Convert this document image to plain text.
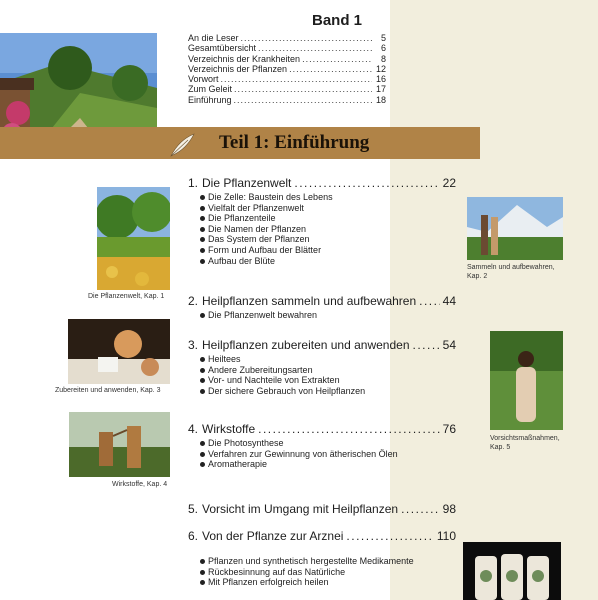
Band 1
An die Leser .....	5
Gesamtübersicht .....	6
Verzeichnis der Krankheiten .....	8
Verzeichnis der Pflanzen .....	12
Vorwort .....	16
Zum Geleit .....	17
Einführung .....	18
Teil 1: Einführung
Die Pflanzenwelt, Kap. 1
Zubereiten und anwenden, Kap. 3
Wirkstoffe, Kap. 4
Sammeln und aufbewahren, Kap. 2
Vorsichtsmaßnahmen, Kap. 5
1. Die Pflanzenwelt .....	22
Die Zelle: Baustein des Lebens
Vielfalt der Pflanzenwelt
Die Pflanzenteile
Die Namen der Pflanzen
Das System der Pflanzen
Form und Aufbau der Blätter
Aufbau der Blüte
2. Heilpflanzen sammeln und aufbewahren ..... 44
Die Pflanzenwelt bewahren
3. Heilpflanzen zubereiten und anwenden .....	54
Heiltees
Andere Zubereitungsarten
Vor- und Nachteile von Extrakten
Der sichere Gebrauch von Heilpflanzen
4. Wirkstoffe .....	76
Die Photosynthese
Verfahren zur Gewinnung von ätherischen Ölen
Aromatherapie
5. Vorsicht im Umgang mit Heilpflanzen .....	98
6. Von der Pflanze zur Arznei .....	110
Pflanzen und synthetisch hergestellte Medikamente
Rückbesinnung auf das Natürliche
Mit Pflanzen erfolgreich heilen
